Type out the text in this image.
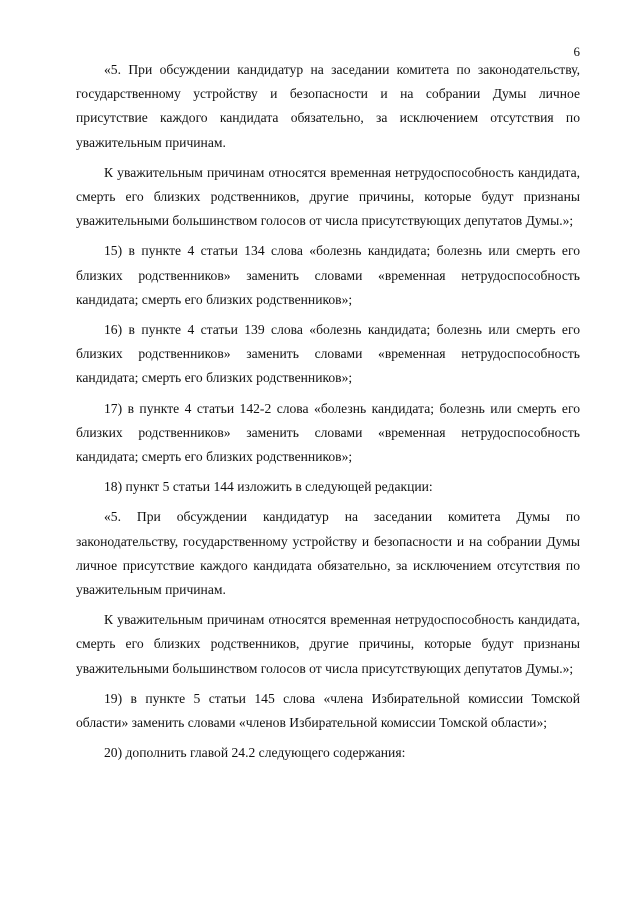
6

«5. При обсуждении кандидатур на заседании комитета по законодательству, государственному устройству и безопасности и на собрании Думы личное присутствие каждого кандидата обязательно, за исключением отсутствия по уважительным причинам.

К уважительным причинам относятся временная нетрудоспособность кандидата, смерть его близких родственников, другие причины, которые будут признаны уважительными большинством голосов от числа присутствующих депутатов Думы.»;

15) в пункте 4 статьи 134 слова «болезнь кандидата; болезнь или смерть его близких родственников» заменить словами «временная нетрудоспособность кандидата; смерть его близких родственников»;

16) в пункте 4 статьи 139 слова «болезнь кандидата; болезнь или смерть его близких родственников» заменить словами «временная нетрудоспособность кандидата; смерть его близких родственников»;

17) в пункте 4 статьи 142-2 слова «болезнь кандидата; болезнь или смерть его близких родственников» заменить словами «временная нетрудоспособность кандидата; смерть его близких родственников»;

18) пункт 5 статьи 144 изложить в следующей редакции:

«5. При обсуждении кандидатур на заседании комитета Думы по законодательству, государственному устройству и безопасности и на собрании Думы личное присутствие каждого кандидата обязательно, за исключением отсутствия по уважительным причинам.

К уважительным причинам относятся временная нетрудоспособность кандидата, смерть его близких родственников, другие причины, которые будут признаны уважительными большинством голосов от числа присутствующих депутатов Думы.»;

19) в пункте 5 статьи 145 слова «члена Избирательной комиссии Томской области» заменить словами «членов Избирательной комиссии Томской области»;

20) дополнить главой 24.2 следующего содержания:
